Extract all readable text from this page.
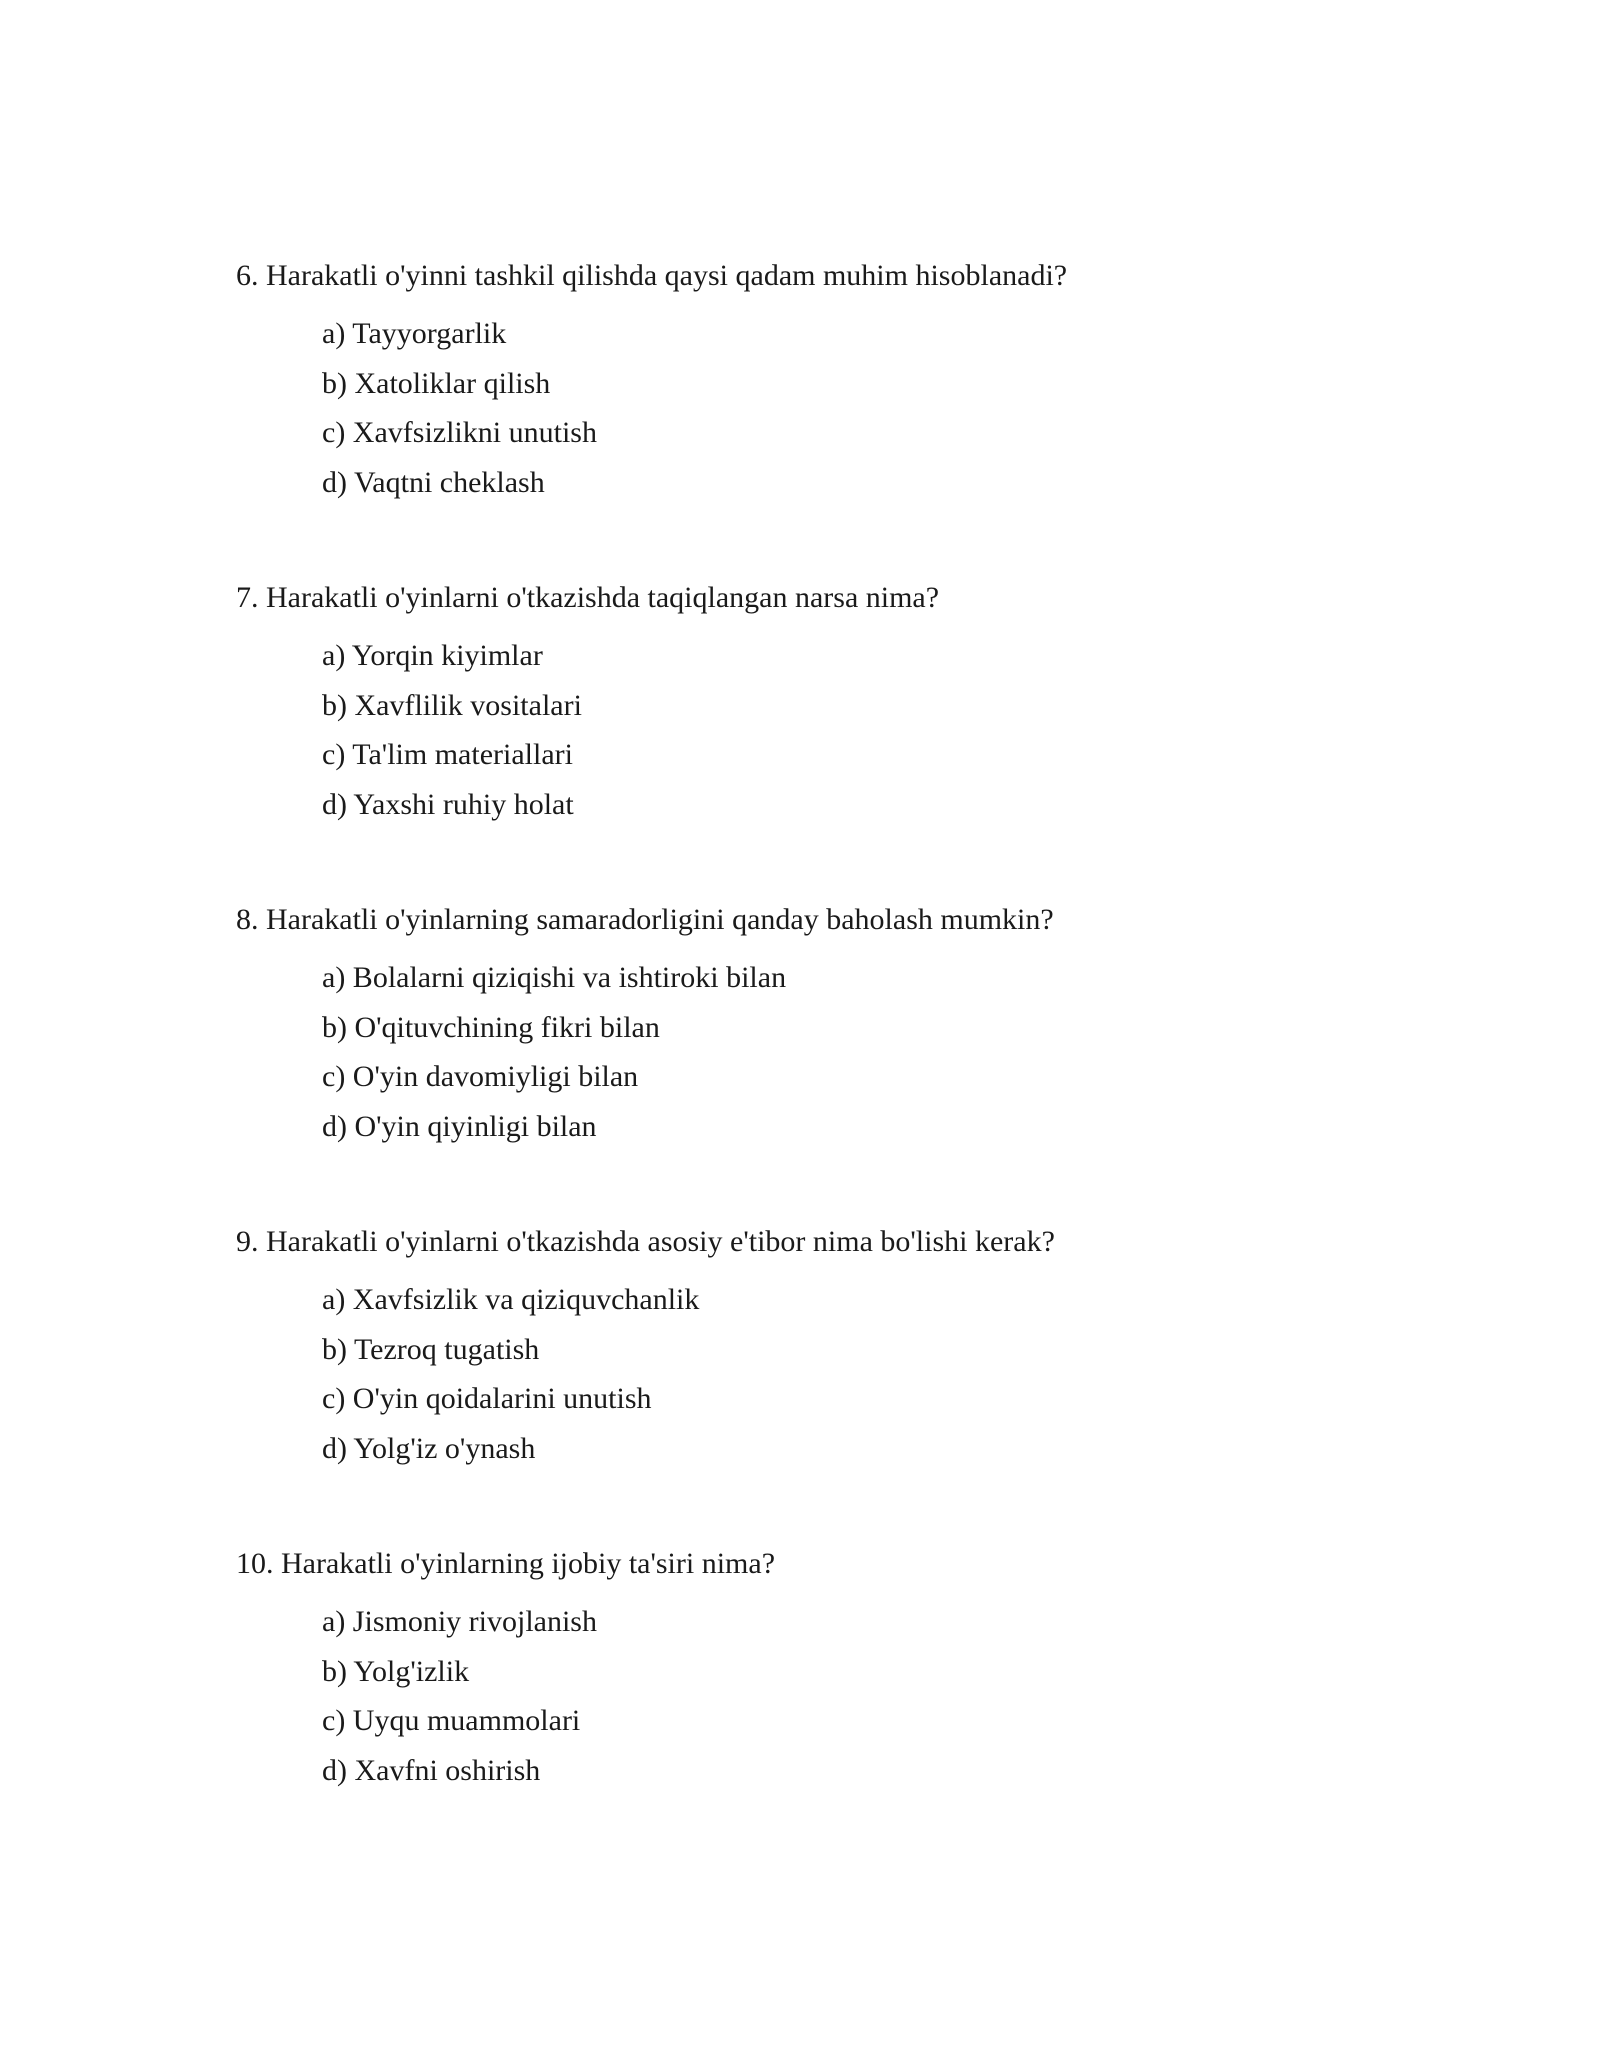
6. Harakatli o'yinni tashkil qilishda qaysi qadam muhim hisoblanadi?

a) Tayyorgarlik
b) Xatoliklar qilish
c) Xavfsizlikni unutish
d) Vaqtni cheklash

7. Harakatli o'yinlarni o'tkazishda taqiqlangan narsa nima?

a) Yorqin kiyimlar
b) Xavflilik vositalari
c) Ta'lim materiallari
d) Yaxshi ruhiy holat

8. Harakatli o'yinlarning samaradorligini qanday baholash mumkin?

a) Bolalarni qiziqishi va ishtiroki bilan
b) O'qituvchining fikri bilan
c) O'yin davomiyligi bilan
d) O'yin qiyinligi bilan

9. Harakatli o'yinlarni o'tkazishda asosiy e'tibor nima bo'lishi kerak?

a) Xavfsizlik va qiziquvchanlik
b) Tezroq tugatish
c) O'yin qoidalarini unutish
d) Yolg'iz o'ynash

10. Harakatli o'yinlarning ijobiy ta'siri nima?

a) Jismoniy rivojlanish
b) Yolg'izlik
c) Uyqu muammolari
d) Xavfni oshirish
